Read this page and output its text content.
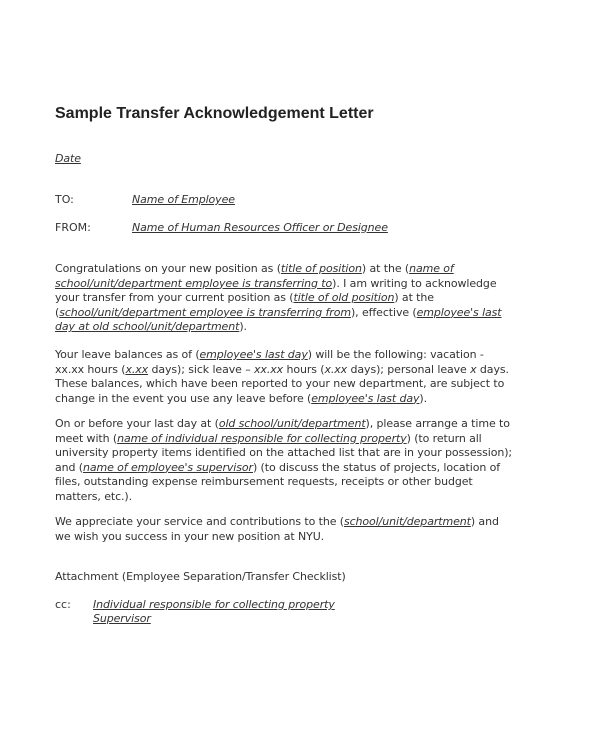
Sample Transfer Acknowledgement Letter
Date
TO:	Name of Employee
FROM:	Name of Human Resources Officer or Designee
Congratulations on your new position as (title of position) at the (name of
school/unit/department employee is transferring to). I am writing to acknowledge
your transfer from your current position as (title of old position) at the
(school/unit/department employee is transferring from), effective (employee's last
day at old school/unit/department).
Your leave balances as of (employee's last day) will be the following: vacation -
xx.xx hours (x.xx days); sick leave – xx.xx hours (x.xx days); personal leave x days.
These balances, which have been reported to your new department, are subject to
change in the event you use any leave before (employee's last day).
On or before your last day at (old school/unit/department), please arrange a time to
meet with (name of individual responsible for collecting property) (to return all
university property items identified on the attached list that are in your possession);
and (name of employee's supervisor) (to discuss the status of projects, location of
files, outstanding expense reimbursement requests, receipts or other budget
matters, etc.).
We appreciate your service and contributions to the (school/unit/department) and
we wish you success in your new position at NYU.
Attachment (Employee Separation/Transfer Checklist)
cc: Individual responsible for collecting property
Supervisor
